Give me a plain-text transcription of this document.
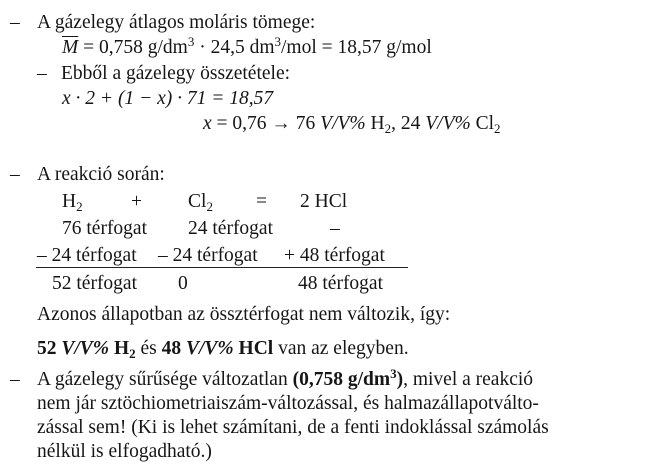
– A gázelegy átlagos moláris tömege:
$\overline{M} = 0,758$ $g/dm^3 \cdot 24,5$ $dm^3$/mol = 18,57 g/mol
– Ebből a gázelegy összetétele:
x · 2 + (1 − x) · 71 = 18,57
x = 0,76 → 76 V/V% $H_2$, 24 V/V% $Cl_2$
– A reakció során:
$H_2 + Cl_2 = 2$ HCl
76 térfogat 24 térfogat	–
– 24 térfogat – 24 térfogat + 48 térfogat
52 térfogat 0	48 térfogat
Azonos állapotban az össztérfogat nem változik, így:
52 V/V% $H_2$ és 48 V/V% HCl van az elegyben.
– A gázelegy sűrűsége változatlan (0,758 $g/dm^3$), mivel a reakció
nem jár sztöchiometriaiszám-változással, és halmazállapotválto-
zással sem! (Ki is lehet számítani, de a fenti indoklással számolás
nélkül is elfogadható.)
